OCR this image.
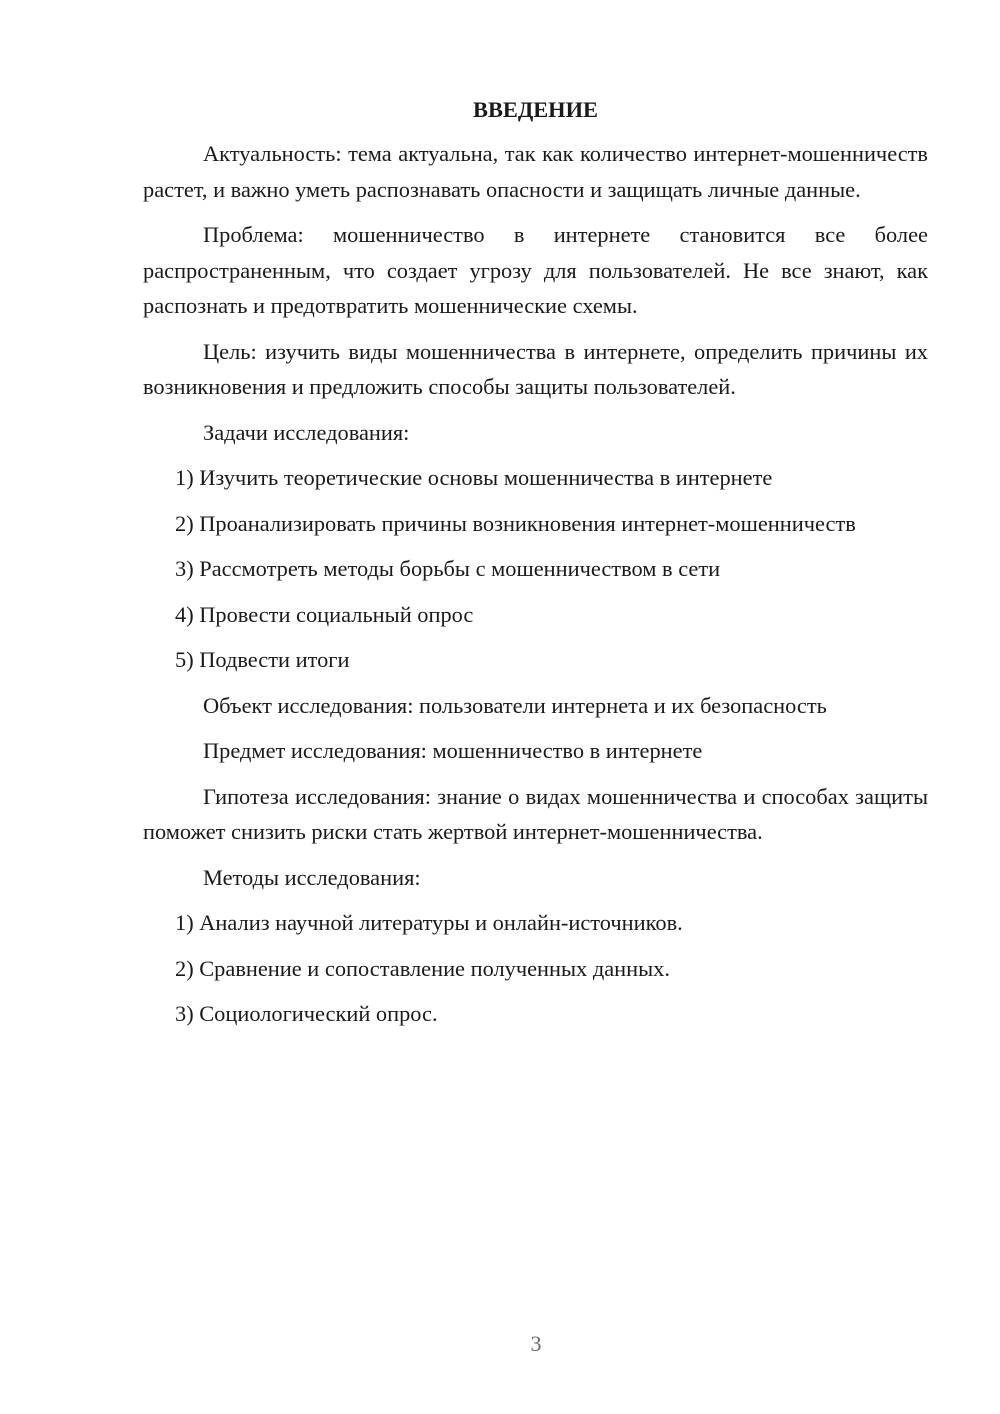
ВВЕДЕНИЕ

Актуальность: тема актуальна, так как количество интернет-мошенничеств растет, и важно уметь распознавать опасности и защищать личные данные.

Проблема: мошенничество в интернете становится все более распространенным, что создает угрозу для пользователей. Не все знают, как распознать и предотвратить мошеннические схемы.

Цель: изучить виды мошенничества в интернете, определить причины их возникновения и предложить способы защиты пользователей.

Задачи исследования:
1) Изучить теоретические основы мошенничества в интернете

2) Проанализировать причины возникновения интернет-мошенничеств

3) Рассмотреть методы борьбы с мошенничеством в сети
4) Провести социальный опрос
5) Подвести итоги
Объект исследования: пользователи интернета и их безопасность
Предмет исследования: мошенничество в интернете

Гипотеза исследования: знание о видах мошенничества и способах защиты поможет снизить риски стать жертвой интернет-мошенничества.

Методы исследования:
1) Анализ научной литературы и онлайн-источников.
2) Сравнение и сопоставление полученных данных.
3) Социологический опрос.
3
